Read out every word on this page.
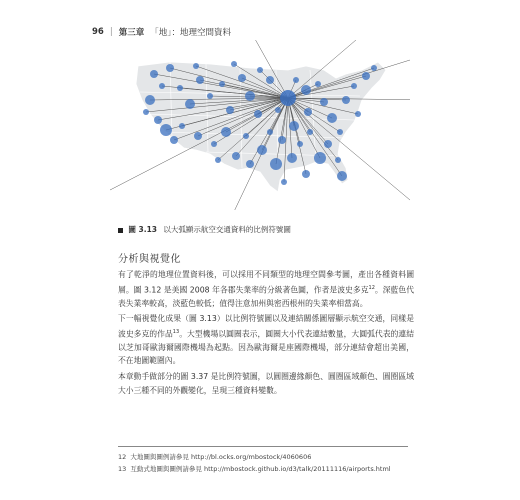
96 | 第三章 「地」：地理空間資料
圖 3.13 以大弧顯示航空交通資料的比例符號圖
分析與視覺化
有了乾淨的地理位置資料後，可以採用不同類型的地理空間參考圖，產出各種資料圖層。圖 3.12 是美國 2008 年各郡失業率的分級著色圖，作者是波史多克$^{12}$。深藍色代表失業率較高，淡藍色較低；值得注意加州與密西根州的失業率相當高。
下一幅視覺化成果（圖 3.13）以比例符號圖以及連結關係圖層顯示航空交通，同樣是波史多克的作品$^{13}$。大型機場以圓圈表示，圓圈大小代表連結數量，大圓弧代表的連結以芝加哥歐海爾國際機場為起點。因為歐海爾是座國際機場，部分連結會超出美國，不在地圖範圍內。
本章動手做部分的圖 3.37 是比例符號圖，以圓圈邊緣顏色、圓圈區域顏色、圓圈區域大小三種不同的外觀變化，呈現三種資料變數。
12 大地圖與圖例請參見 http://bl.ocks.org/mbostock/4060606
13 互動式地圖與圖例請參見 http://mbostock.github.io/d3/talk/20111116/airports.html
